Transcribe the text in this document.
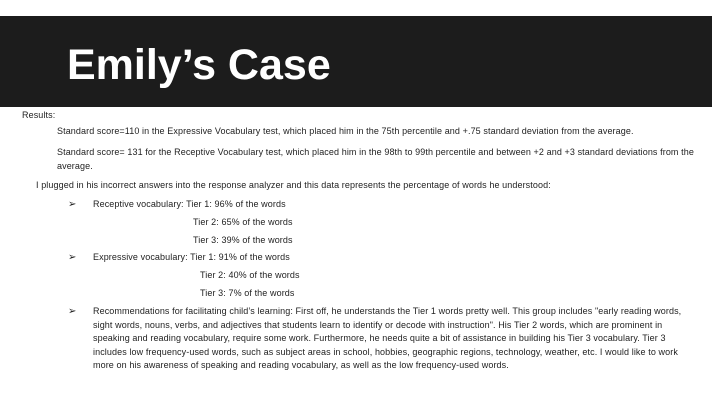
Emily’s Case

Results:

Standard score=110 in the Expressive Vocabulary test, which placed him in the 75th percentile and +.75 standard deviation from the average.

Standard score= 131 for the Receptive Vocabulary test, which placed him in the 98th to 99th percentile and between +2 and +3 standard deviations from the average.

I plugged in his incorrect answers into the response analyzer and this data represents the percentage of words he understood:

➢ Receptive vocabulary: Tier 1: 96% of the words

Tier 2: 65% of the words

Tier 3: 39% of the words

➢ Expressive vocabulary: Tier 1: 91% of the words

Tier 2: 40% of the words

Tier 3: 7% of the words

➢ Recommendations for facilitating child’s learning: First off, he understands the Tier 1 words pretty well. This group includes "early reading words, sight words, nouns, verbs, and adjectives that students learn to identify or decode with instruction". His Tier 2 words, which are prominent in speaking and reading vocabulary, require some work. Furthermore, he needs quite a bit of assistance in building his Tier 3 vocabulary. Tier 3 includes low frequency-used words, such as subject areas in school, hobbies, geographic regions, technology, weather, etc. I would like to work more on his awareness of speaking and reading vocabulary, as well as the low frequency-used words.
